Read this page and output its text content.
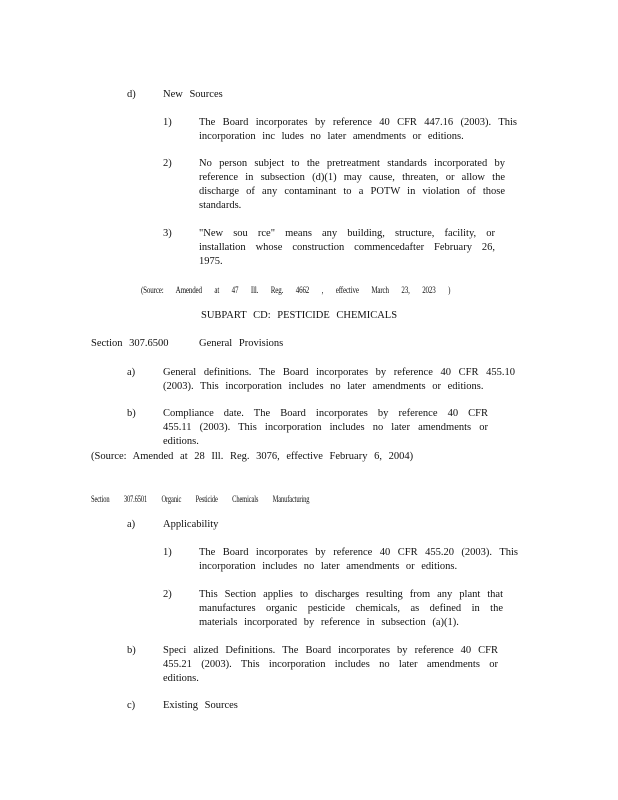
d)	New Sources
1)	The Board incorporates by reference 40 CFR 447.16 (2003). This incorporation inc ludes no later amendments or editions.
2)	No person subject to the pretreatment standards incorporated by reference in subsection (d)(1) may cause, threaten, or allow the discharge of any contaminant to a POTW in violation of those standards.
3)	"New sou rce" means any building, structure, facility, or installation whose construction commencedafter February 26, 1975.
(Source: Amended at 47 Ill. Reg. 4662 , effective March 23, 2023 )
SUBPART CD: PESTICIDE CHEMICALS
Section 307.6500	General Provisions
a)	General definitions. The Board incorporates by reference 40 CFR 455.10 (2003). This incorporation includes no later amendments or editions.
b)	Compliance date. The Board incorporates by reference 40 CFR 455.11 (2003). This incorporation includes no later amendments or editions.
(Source: Amended at 28 Ill. Reg. 3076, effective February 6, 2004)
Section 307.6501 Organic Pesticide Chemicals Manufacturing
a)	Applicability
1)	The Board incorporates by reference 40 CFR 455.20 (2003). This incorporation includes no later amendments or editions.
2)	This Section applies to discharges resulting from any plant that manufactures organic pesticide chemicals, as defined in the materials incorporated by reference in subsection (a)(1).
b)	Speci alized Definitions. The Board incorporates by reference 40 CFR 455.21 (2003). This incorporation includes no later amendments or editions.
c)	Existing Sources
